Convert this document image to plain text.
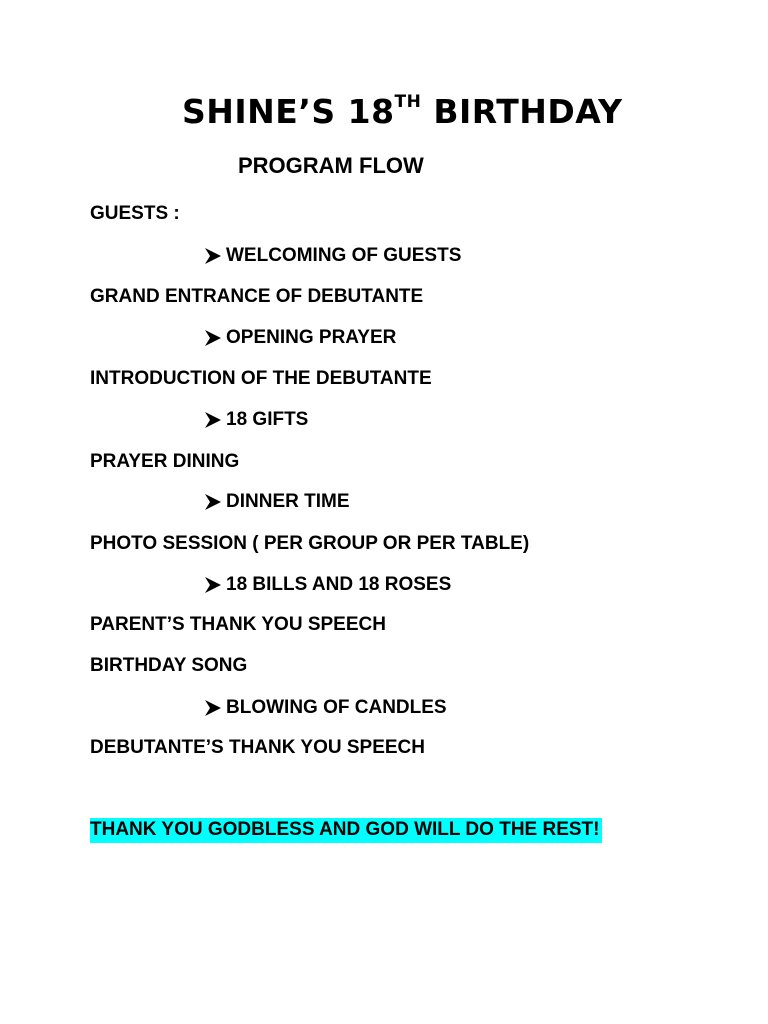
SHINE’S 18TH BIRTHDAY
PROGRAM FLOW
GUESTS :
WELCOMING OF GUESTS
GRAND ENTRANCE OF DEBUTANTE
OPENING PRAYER
INTRODUCTION OF THE DEBUTANTE
18 GIFTS
PRAYER DINING
DINNER TIME
PHOTO SESSION ( PER GROUP OR PER TABLE)
18 BILLS AND 18 ROSES
PARENT’S THANK YOU SPEECH
BIRTHDAY SONG
BLOWING OF CANDLES
DEBUTANTE’S THANK YOU SPEECH
THANK YOU GODBLESS AND GOD WILL DO THE REST!
